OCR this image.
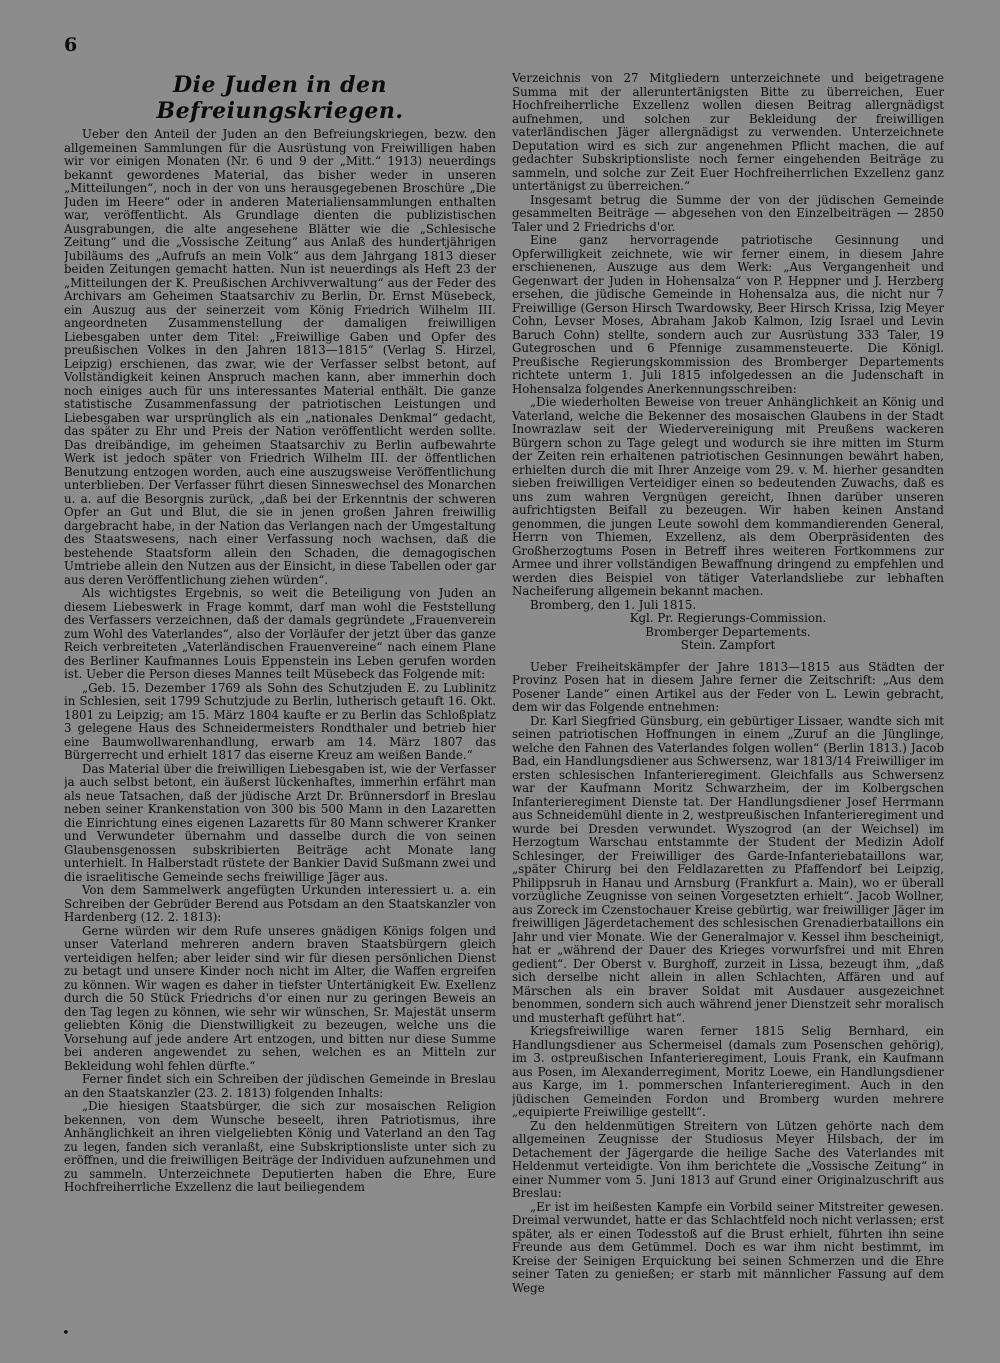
6
Die Juden in den Befreiungskriegen.

Ueber den Anteil der Juden an den Befreiungskriegen, bezw. den allgemeinen Sammlungen für die Ausrüstung von Freiwilligen haben wir vor einigen Monaten (Nr. 6 und 9 der „Mitt.“ 1913) neuerdings bekannt gewordenes Material, das bisher weder in unseren „Mitteilungen“, noch in der von uns herausgegebenen Broschüre „Die Juden im Heere“ oder in anderen Materialiensammlungen enthalten war, veröffentlicht. Als Grundlage dienten die publizistischen Ausgrabungen, die alte angesehene Blätter wie die „Schlesische Zeitung“ und die „Vossische Zeitung“ aus Anlaß des hundertjährigen Jubiläums des „Aufrufs an mein Volk“ aus dem Jahrgang 1813 dieser beiden Zeitungen gemacht hatten. Nun ist neuerdings als Heft 23 der „Mitteilungen der K. Preußischen Archivverwaltung“ aus der Feder des Archivars am Geheimen Staatsarchiv zu Berlin, Dr. Ernst Müsebeck, ein Auszug aus der seinerzeit vom König Friedrich Wilhelm III. angeordneten Zusammenstellung der damaligen freiwilligen Liebesgaben unter dem Titel: „Freiwillige Gaben und Opfer des preußischen Volkes in den Jahren 1813—1815“ (Verlag S. Hirzel, Leipzig) erschienen, das zwar, wie der Verfasser selbst betont, auf Vollständigkeit keinen Anspruch machen kann, aber immerhin doch noch einiges auch für uns interessantes Material enthält. Die ganze statistische Zusammenfassung der patriotischen Leistungen und Liebesgaben war ursprünglich als ein „nationales Denkmal“ gedacht, das später zu Ehr und Preis der Nation veröffentlicht werden sollte. Das dreibändige, im geheimen Staatsarchiv zu Berlin aufbewahrte Werk ist jedoch später von Friedrich Wilhelm III. der öffentlichen Benutzung entzogen worden, auch eine auszugsweise Veröffentlichung unterblieben. Der Verfasser führt diesen Sinneswechsel des Monarchen u. a. auf die Besorgnis zurück, „daß bei der Erkenntnis der schweren Opfer an Gut und Blut, die sie in jenen großen Jahren freiwillig dargebracht habe, in der Nation das Verlangen nach der Umgestaltung des Staatswesens, nach einer Verfassung noch wachsen, daß die bestehende Staatsform allein den Schaden, die demagogischen Umtriebe allein den Nutzen aus der Einsicht, in diese Tabellen oder gar aus deren Veröffentlichung ziehen würden“.

Als wichtigstes Ergebnis, so weit die Beteiligung von Juden an diesem Liebeswerk in Frage kommt, darf man wohl die Feststellung des Verfassers verzeichnen, daß der damals gegründete „Frauenverein zum Wohl des Vaterlandes“, also der Vorläufer der jetzt über das ganze Reich verbreiteten „Vaterländischen Frauenvereine“ nach einem Plane des Berliner Kaufmannes Louis Eppenstein ins Leben gerufen worden ist. Ueber die Person dieses Mannes teilt Müsebeck das Folgende mit:

„Geb. 15. Dezember 1769 als Sohn des Schutzjuden E. zu Lublinitz in Schlesien, seit 1799 Schutzjude zu Berlin, lutherisch getauft 16. Okt. 1801 zu Leipzig; am 15. März 1804 kaufte er zu Berlin das Schloßplatz 3 gelegene Haus des Schneidermeisters Rondthaler und betrieb hier eine Baumwollwarenhandlung, erwarb am 14. März 1807 das Bürgerrecht und erhielt 1817 das eiserne Kreuz am weißen Bande.“

Das Material über die freiwilligen Liebesgaben ist, wie der Verfasser ja auch selbst betont, ein äußerst lückenhaftes, immerhin erfährt man als neue Tatsachen, daß der jüdische Arzt Dr. Brünnersdorf in Breslau neben seiner Krankenstation von 300 bis 500 Mann in den Lazaretten die Einrichtung eines eigenen Lazaretts für 80 Mann schwerer Kranker und Verwundeter übernahm und dasselbe durch die von seinen Glaubensgenossen subskribierten Beiträge acht Monate lang unterhielt. In Halberstadt rüstete der Bankier David Sußmann zwei und die israelitische Gemeinde sechs freiwillige Jäger aus.

Von dem Sammelwerk angefügten Urkunden interessiert u. a. ein Schreiben der Gebrüder Berend aus Potsdam an den Staatskanzler von Hardenberg (12. 2. 1813):

Gerne würden wir dem Rufe unseres gnädigen Königs folgen und unser Vaterland mehreren andern braven Staatsbürgern gleich verteidigen helfen; aber leider sind wir für diesen persönlichen Dienst zu betagt und unsere Kinder noch nicht im Alter, die Waffen ergreifen zu können. Wir wagen es daher in tiefster Untertänigkeit Ew. Exellenz durch die 50 Stück Friedrichs d'or einen nur zu geringen Beweis an den Tag legen zu können, wie sehr wir wünschen, Sr. Majestät unserm geliebten König die Dienstwilligkeit zu bezeugen, welche uns die Vorsehung auf jede andere Art entzogen, und bitten nur diese Summe bei anderen angewendet zu sehen, welchen es an Mitteln zur Bekleidung wohl fehlen dürfte.“

Ferner findet sich ein Schreiben der jüdischen Gemeinde in Breslau an den Staatskanzler (23. 2. 1813) folgenden Inhalts:

„Die hiesigen Staatsbürger, die sich zur mosaischen Religion bekennen, von dem Wunsche beseelt, ihren Patriotismus, ihre Anhänglichkeit an ihren vielgeliebten König und Vaterland an den Tag zu legen, fanden sich veranlaßt, eine Subskriptionsliste unter sich zu eröffnen, und die freiwilligen Beiträge der Individuen aufzunehmen und zu sammeln. Unterzeichnete Deputierten haben die Ehre, Eure Hochfreiherrliche Exzellenz die laut beiliegendem

Verzeichnis von 27 Mitgliedern unterzeichnete und beigetragene Summa mit der alleruntertänigsten Bitte zu überreichen, Euer Hochfreiherrliche Exzellenz wollen diesen Beitrag allergnädigst aufnehmen, und solchen zur Bekleidung der freiwilligen vaterländischen Jäger allergnädigst zu verwenden. Unterzeichnete Deputation wird es sich zur angenehmen Pflicht machen, die auf gedachter Subskriptionsliste noch ferner eingehenden Beiträge zu sammeln, und solche zur Zeit Euer Hochfreiherrlichen Exzellenz ganz untertänigst zu überreichen.“

Insgesamt betrug die Summe der von der jüdischen Gemeinde gesammelten Beiträge — abgesehen von den Einzelbeiträgen — 2850 Taler und 2 Friedrichs d'or.

Eine ganz hervorragende patriotische Gesinnung und Opferwilligkeit zeichnete, wie wir ferner einem, in diesem Jahre erschienenen, Auszuge aus dem Werk: „Aus Vergangenheit und Gegenwart der Juden in Hohensalza“ von P. Heppner und J. Herzberg ersehen, die jüdische Gemeinde in Hohensalza aus, die nicht nur 7 Freiwillige (Gerson Hirsch Twardowsky, Beer Hirsch Krissa, Izig Meyer Cohn, Levser Moses, Abraham Jakob Kalmon, Izig Israel und Levin Baruch Cohn) stellte, sondern auch zur Ausrüstung 333 Taler, 19 Gutegroschen und 6 Pfennige zusammensteuerte. Die Königl. Preußische Regierungskommission des Bromberger Departements richtete unterm 1. Juli 1815 infolgedessen an die Judenschaft in Hohensalza folgendes Anerkennungsschreiben:

„Die wiederholten Beweise von treuer Anhänglichkeit an König und Vaterland, welche die Bekenner des mosaischen Glaubens in der Stadt Inowrazlaw seit der Wiedervereinigung mit Preußens wackeren Bürgern schon zu Tage gelegt und wodurch sie ihre mitten im Sturm der Zeiten rein erhaltenen patriotischen Gesinnungen bewährt haben, erhielten durch die mit Ihrer Anzeige vom 29. v. M. hierher gesandten sieben freiwilligen Verteidiger einen so bedeutenden Zuwachs, daß es uns zum wahren Vergnügen gereicht, Ihnen darüber unseren aufrichtigsten Beifall zu bezeugen. Wir haben keinen Anstand genommen, die jungen Leute sowohl dem kommandierenden General, Herrn von Thiemen, Exzellenz, als dem Oberpräsidenten des Großherzogtums Posen in Betreff ihres weiteren Fortkommens zur Armee und ihrer vollständigen Bewaffnung dringend zu empfehlen und werden dies Beispiel von tätiger Vaterlandsliebe zur lebhaften Nacheiferung allgemein bekannt machen.

Bromberg, den 1. Juli 1815.

Kgl. Pr. Regierungs-Commission.

Bromberger Departements.

Stein. Zampfort

Ueber Freiheitskämpfer der Jahre 1813—1815 aus Städten der Provinz Posen hat in diesem Jahre ferner die Zeitschrift: „Aus dem Posener Lande“ einen Artikel aus der Feder von L. Lewin gebracht, dem wir das Folgende entnehmen:

Dr. Karl Siegfried Günsburg, ein gebürtiger Lissaer, wandte sich mit seinen patriotischen Hoffnungen in einem „Zuruf an die Jünglinge, welche den Fahnen des Vaterlandes folgen wollen“ (Berlin 1813.) Jacob Bad, ein Handlungsdiener aus Schwersenz, war 1813/14 Freiwilliger im ersten schlesischen Infanterieregiment. Gleichfalls aus Schwersenz war der Kaufmann Moritz Schwarzheim, der im Kolbergschen Infanterieregiment Dienste tat. Der Handlungsdiener Josef Herrmann aus Schneidemühl diente in 2, westpreußischen Infanterieregiment und wurde bei Dresden verwundet. Wyszogrod (an der Weichsel) im Herzogtum Warschau entstammte der Student der Medizin Adolf Schlesinger, der Freiwilliger des Garde-Infanteriebataillons war, „später Chirurg bei den Feldlazaretten zu Pfaffendorf bei Leipzig, Philippsruh in Hanau und Arnsburg (Frankfurt a. Main), wo er überall vorzügliche Zeugnisse von seinen Vorgesetzten erhielt“. Jacob Wollner, aus Zoreck im Czenstochauer Kreise gebürtig, war freiwilliger Jäger im freiwilligen Jägerdetachement des schlesischen Grenadierbataillons ein Jahr und vier Monate. Wie der Generalmajor v. Kessel ihm bescheinigt, hat er „während der Dauer des Krieges vorwurfsfrei und mit Ehren gedient“. Der Oberst v. Burghoff, zurzeit in Lissa, bezeugt ihm, „daß sich derselbe nicht allein in allen Schlachten, Affären und auf Märschen als ein braver Soldat mit Ausdauer ausgezeichnet benommen, sondern sich auch während jener Dienstzeit sehr moralisch und musterhaft geführt hat“.

Kriegsfreiwillige waren ferner 1815 Selig Bernhard, ein Handlungsdiener aus Schermeisel (damals zum Posenschen gehörig), im 3. ostpreußischen Infanterieregiment, Louis Frank, ein Kaufmann aus Posen, im Alexanderregiment, Moritz Loewe, ein Handlungsdiener aus Karge, im 1. pommerschen Infanterieregiment. Auch in den jüdischen Gemeinden Fordon und Bromberg wurden mehrere „equipierte Freiwillige gestellt“.

Zu den heldenmütigen Streitern von Lützen gehörte nach dem allgemeinen Zeugnisse der Studiosus Meyer Hilsbach, der im Detachement der Jägergarde die heilige Sache des Vaterlandes mit Heldenmut verteidigte. Von ihm berichtete die „Vossische Zeitung“ in einer Nummer vom 5. Juni 1813 auf Grund einer Originalzuschrift aus Breslau:

„Er ist im heißesten Kampfe ein Vorbild seiner Mitstreiter gewesen. Dreimal verwundet, hatte er das Schlachtfeld noch nicht verlassen; erst später, als er einen Todesstoß auf die Brust erhielt, führten ihn seine Freunde aus dem Getümmel. Doch es war ihm nicht bestimmt, im Kreise der Seinigen Erquickung bei seinen Schmerzen und die Ehre seiner Taten zu genießen; er starb mit männlicher Fassung auf dem Wege

•
